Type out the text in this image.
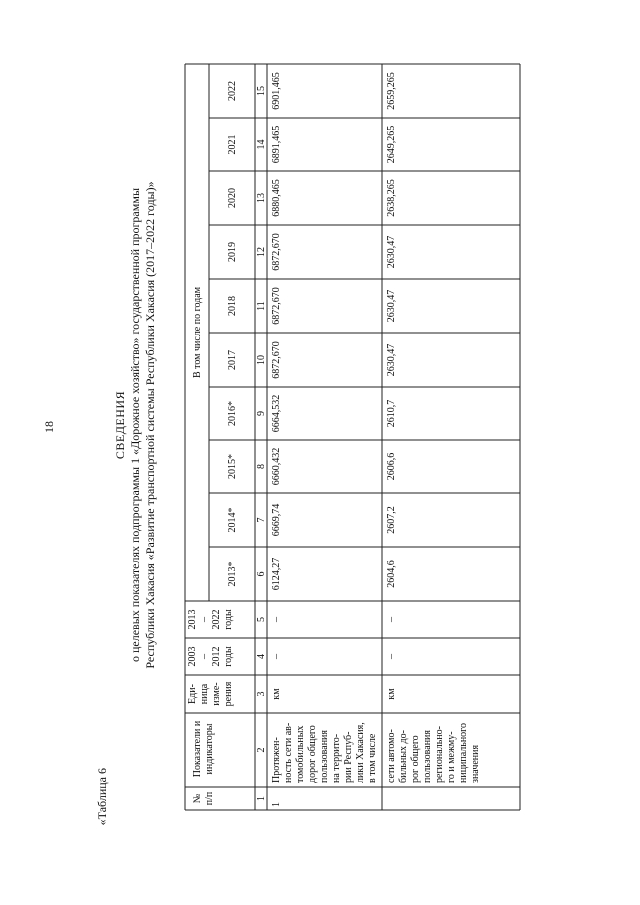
18
«Таблица 6
СВЕДЕНИЯ о целевых показателях подпрограммы 1 «Дорожное хозяйство» государственной программы Республики Хакасия «Развитие транспортной системы Республики Хакасия (2017–2022 годы)»
№ п/п
Показатели и индикаторы
Еди- ница изме- рения
2003 – 2012 годы
2013 – 2022 годы
В том числе по годам
2013*
2014*
2015*
2016*
2017
2018
2019
2020
2021
2022
1
2
3
4
5
6
7
8
9
10
11
12
13
14
15
1
Протяжен- ность сети ав- томобильных дорог общего пользования на террито- рии Респуб- лики Хакасия, в том числе
км
–
–
6124,27
6669,74
6660,432
6664,532
6872,670
6872,670
6872,670
6880,465
6891,465
6901,465
сети автомо- бильных до- рог общего пользования регионально- го и межму- ниципального значения
км
–
–
2604,6
2607,2
2606,6
2610,7
2630,47
2630,47
2630,47
2638,265
2649,265
2659,265
